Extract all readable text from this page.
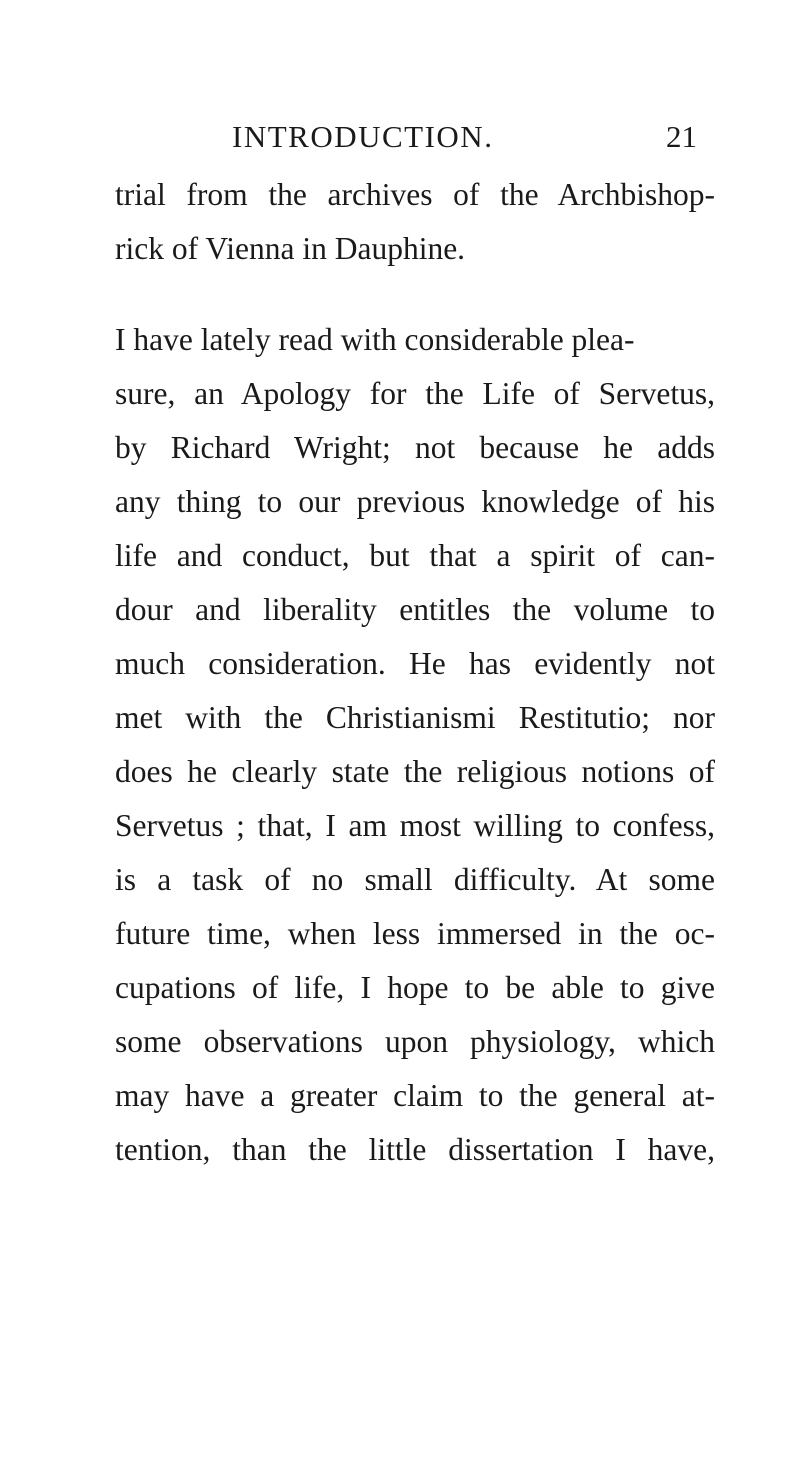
INTRODUCTION.	21
trial from the archives of the Archbishop-
rick of Vienna in Dauphine.
I have lately read with considerable plea-
sure, an Apology for the Life of Servetus,
by Richard Wright; not because he adds
any thing to our previous knowledge of his
life and conduct, but that a spirit of can-
dour and liberality entitles the volume to
much consideration. He has evidently not
met with the Christianismi Restitutio; nor
does he clearly state the religious notions of
Servetus ; that, I am most willing to confess,
is a task of no small difficulty. At some
future time, when less immersed in the oc-
cupations of life, I hope to be able to give
some observations upon physiology, which
may have a greater claim to the general at-
tention, than the little dissertation I have,
